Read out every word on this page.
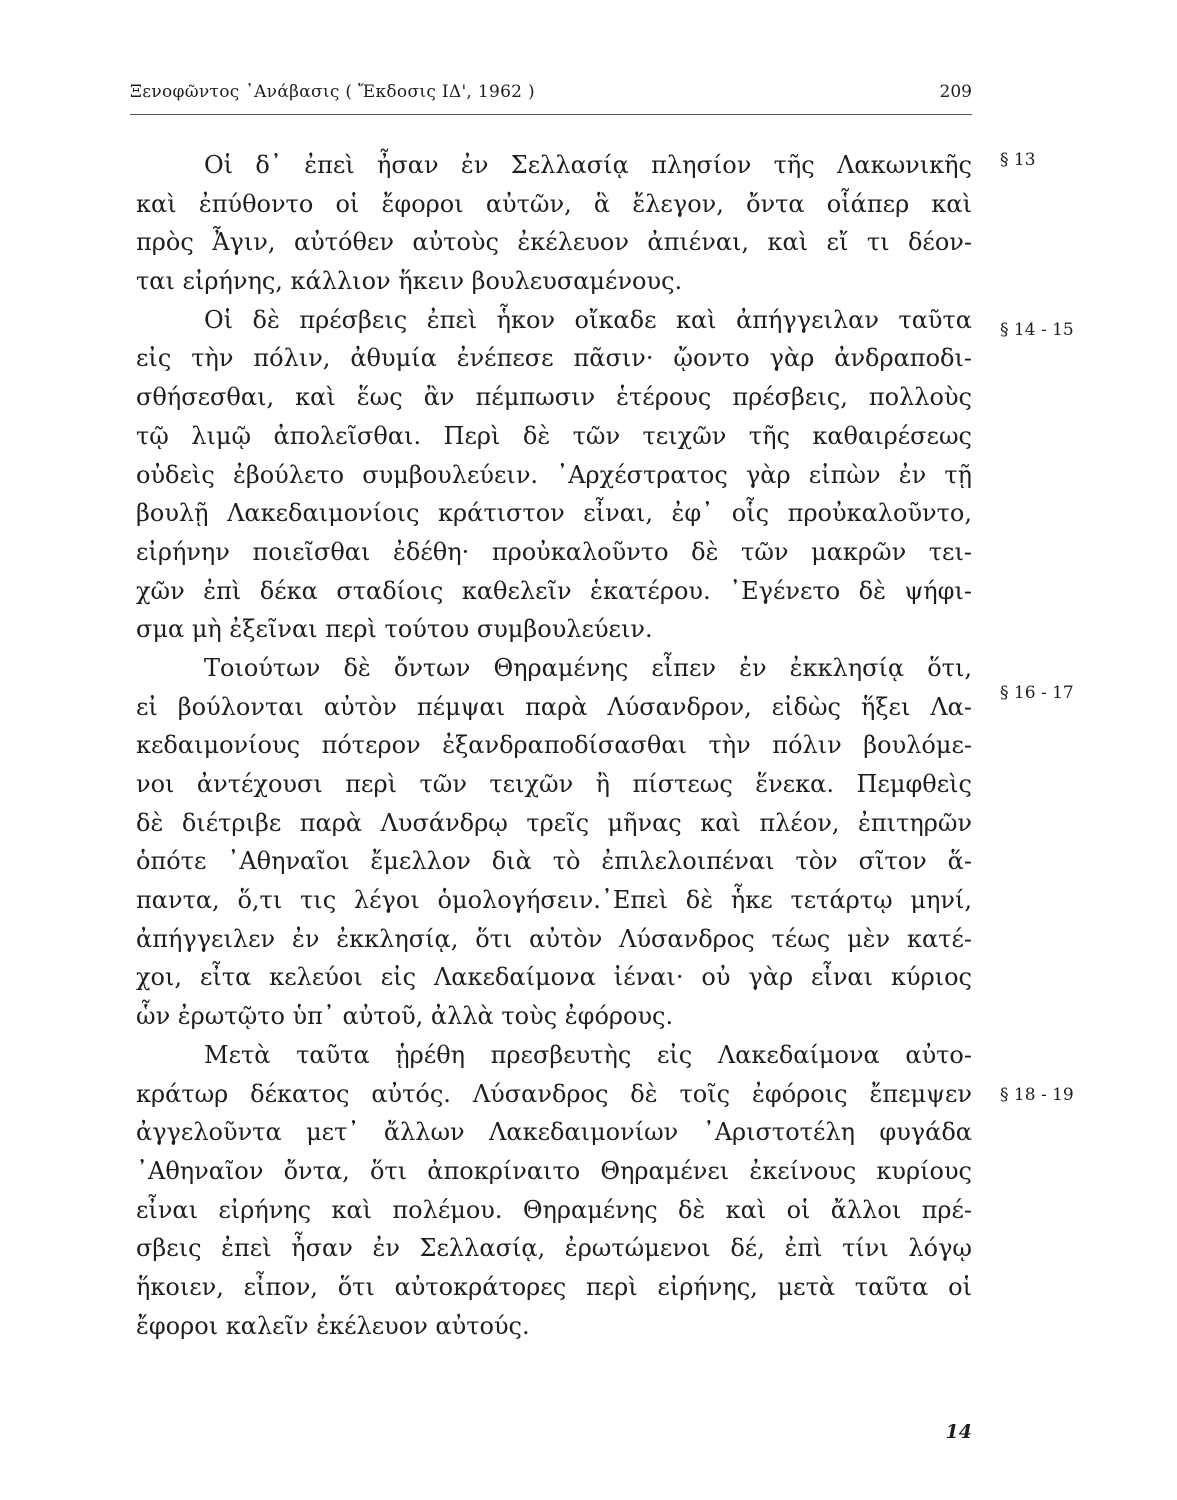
Ξενοφῶντος ᾿Ανάβασις ( Ἔκδοσις ΙΔ', 1962 )	209
§ 13
§ 14 - 15
§ 16 - 17
§ 18 - 19
Οἱ δ᾿ ἐπεὶ ἦσαν ἐν Σελλασίᾳ πλησίον τῆς Λακωνικῆς
καὶ ἐπύθοντο οἱ ἔφοροι αὐτῶν, ἃ ἔλεγον, ὄντα οἷάπερ καὶ
πρὸς Ἆγιν, αὐτόθεν αὐτοὺς ἐκέλευον ἀπιέναι, καὶ εἴ τι δέον-
ται εἰρήνης, κάλλιον ἥκειν βουλευσαμένους.
Οἱ δὲ πρέσβεις ἐπεὶ ἧκον οἴκαδε καὶ ἀπήγγειλαν ταῦτα
εἰς τὴν πόλιν, ἀθυμία ἐνέπεσε πᾶσιν· ᾤοντο γὰρ ἀνδραποδι-
σθήσεσθαι, καὶ ἕως ἂν πέμπωσιν ἑτέρους πρέσβεις, πολλοὺς
τῷ λιμῷ ἀπολεῖσθαι. Περὶ δὲ τῶν τειχῶν τῆς καθαιρέσεως
οὐδεὶς ἐβούλετο συμβουλεύειν. ᾿Αρχέστρατος γὰρ εἰπὼν ἐν τῇ
βουλῇ Λακεδαιμονίοις κράτιστον εἶναι, ἐφ᾿ οἷς προὐκαλοῦντο,
εἰρήνην ποιεῖσθαι ἐδέθη· προὐκαλοῦντο δὲ τῶν μακρῶν τει-
χῶν ἐπὶ δέκα σταδίοις καθελεῖν ἑκατέρου. ᾿Εγένετο δὲ ψήφι-
σμα μὴ ἐξεῖναι περὶ τούτου συμβουλεύειν.
Τοιούτων δὲ ὄντων Θηραμένης εἶπεν ἐν ἐκκλησίᾳ ὅτι,
εἰ βούλονται αὐτὸν πέμψαι παρὰ Λύσανδρον, εἰδὼς ἥξει Λα-
κεδαιμονίους πότερον ἐξανδραποδίσασθαι τὴν πόλιν βουλόμε-
νοι ἀντέχουσι περὶ τῶν τειχῶν ἢ πίστεως ἕνεκα. Πεμφθεὶς
δὲ διέτριβε παρὰ Λυσάνδρῳ τρεῖς μῆνας καὶ πλέον, ἐπιτηρῶν
ὁπότε ᾿Αθηναῖοι ἔμελλον διὰ τὸ ἐπιλελοιπέναι τὸν σῖτον ἅ-
παντα, ὅ,τι τις λέγοι ὁμολογήσειν.᾿Επεὶ δὲ ἧκε τετάρτῳ μηνί,
ἀπήγγειλεν ἐν ἐκκλησίᾳ, ὅτι αὐτὸν Λύσανδρος τέως μὲν κατέ-
χοι, εἶτα κελεύοι εἰς Λακεδαίμονα ἰέναι· οὐ γὰρ εἶναι κύριος
ὧν ἐρωτῷτο ὑπ᾿ αὐτοῦ, ἀλλὰ τοὺς ἐφόρους.
Μετὰ ταῦτα ᾑρέθη πρεσβευτὴς εἰς Λακεδαίμονα αὐτο-
κράτωρ δέκατος αὐτός. Λύσανδρος δὲ τοῖς ἐφόροις ἔπεμψεν
ἀγγελοῦντα μετ᾿ ἄλλων Λακεδαιμονίων ᾿Αριστοτέλη φυγάδα
᾿Αθηναῖον ὄντα, ὅτι ἀποκρίναιτο Θηραμένει ἐκείνους κυρίους
εἶναι εἰρήνης καὶ πολέμου. Θηραμένης δὲ καὶ οἱ ἄλλοι πρέ-
σβεις ἐπεὶ ἦσαν ἐν Σελλασίᾳ, ἐρωτώμενοι δέ, ἐπὶ τίνι λόγῳ
ἥκοιεν, εἶπον, ὅτι αὐτοκράτορες περὶ εἰρήνης, μετὰ ταῦτα οἱ
ἔφοροι καλεῖν ἐκέλευον αὐτούς.
14
